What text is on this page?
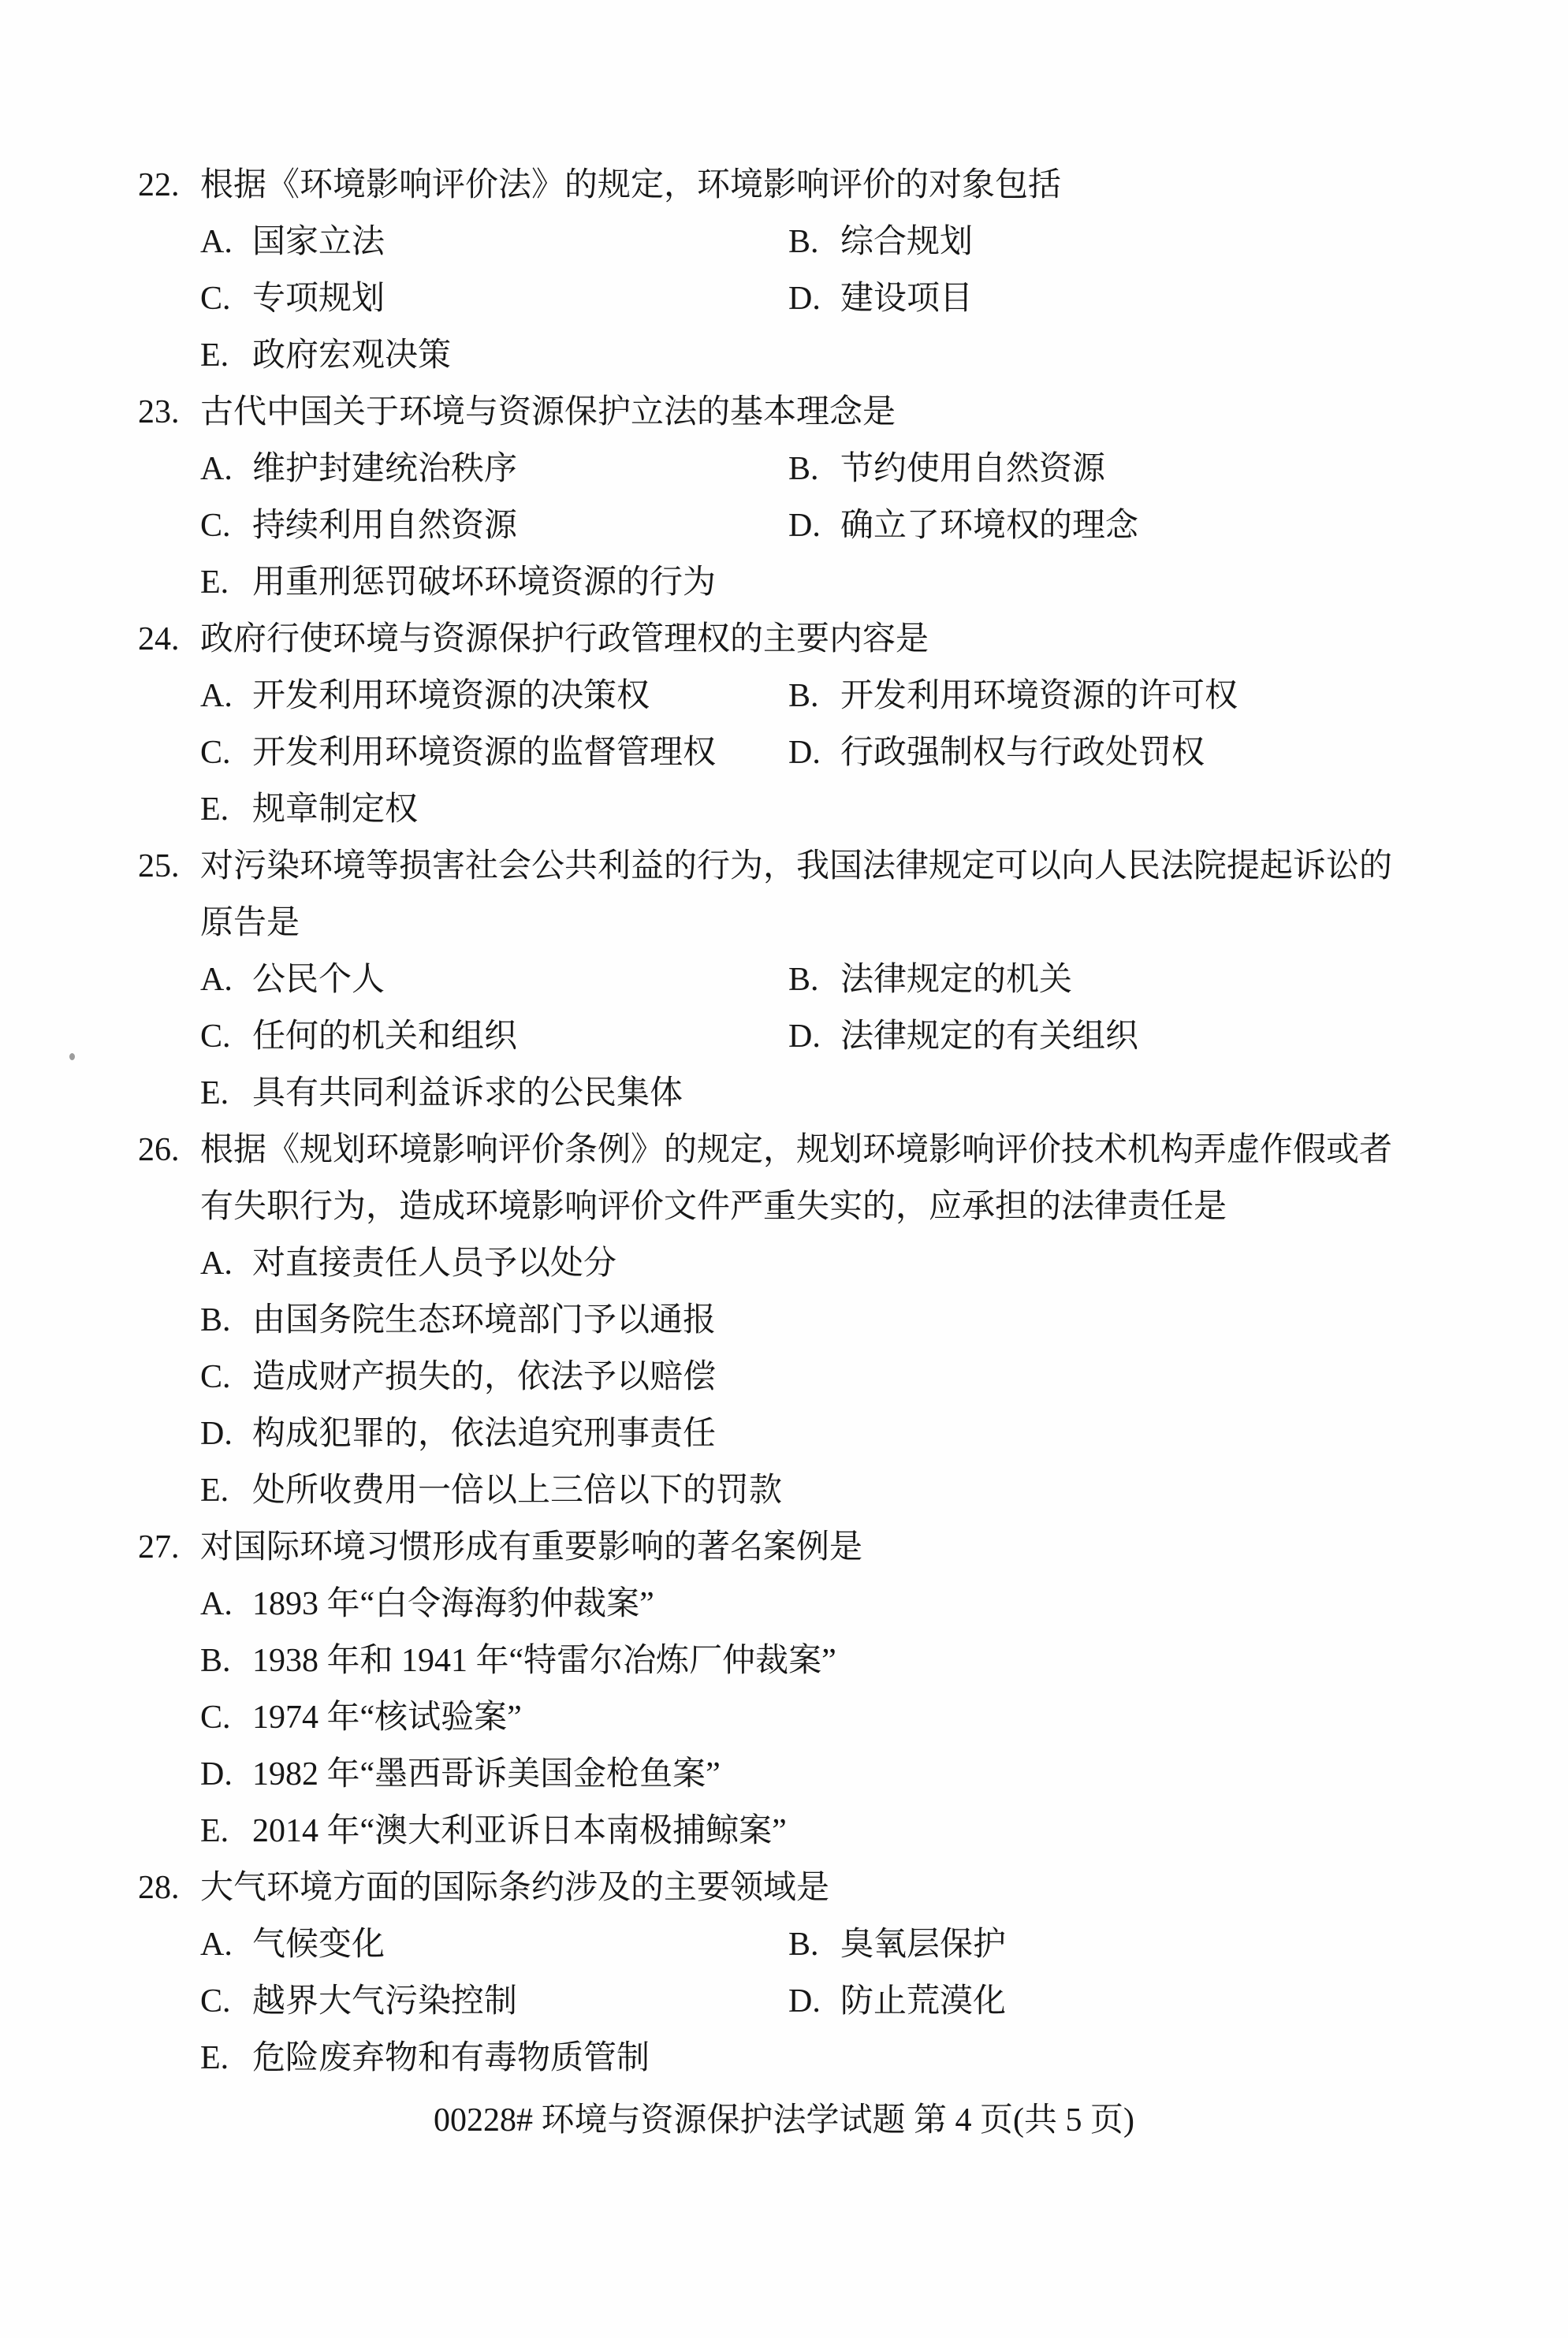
22. 根据《环境影响评价法》的规定，环境影响评价的对象包括
A. 国家立法	B. 综合规划
C. 专项规划	D. 建设项目
E. 政府宏观决策
23. 古代中国关于环境与资源保护立法的基本理念是
A. 维护封建统治秩序	B. 节约使用自然资源
C. 持续利用自然资源	D. 确立了环境权的理念
E. 用重刑惩罚破坏环境资源的行为
24. 政府行使环境与资源保护行政管理权的主要内容是
A. 开发利用环境资源的决策权	B. 开发利用环境资源的许可权
C. 开发利用环境资源的监督管理权 D. 行政强制权与行政处罚权
E. 规章制定权
25. 对污染环境等损害社会公共利益的行为，我国法律规定可以向人民法院提起诉讼的
原告是
A. 公民个人	B. 法律规定的机关
C. 任何的机关和组织	D. 法律规定的有关组织
E. 具有共同利益诉求的公民集体
26. 根据《规划环境影响评价条例》的规定，规划环境影响评价技术机构弄虚作假或者
有失职行为，造成环境影响评价文件严重失实的，应承担的法律责任是
A. 对直接责任人员予以处分
B. 由国务院生态环境部门予以通报
C. 造成财产损失的，依法予以赔偿
D. 构成犯罪的，依法追究刑事责任
E. 处所收费用一倍以上三倍以下的罚款
27. 对国际环境习惯形成有重要影响的著名案例是
A. 1893 年“白令海海豹仲裁案”
B. 1938 年和 1941 年“特雷尔冶炼厂仲裁案”
C. 1974 年“核试验案”
D. 1982 年“墨西哥诉美国金枪鱼案”
E. 2014 年“澳大利亚诉日本南极捕鲸案”
28. 大气环境方面的国际条约涉及的主要领域是
A. 气候变化	B. 臭氧层保护
C. 越界大气污染控制	D. 防止荒漠化
E. 危险废弃物和有毒物质管制
00228# 环境与资源保护法学试题 第 4 页(共 5 页)
